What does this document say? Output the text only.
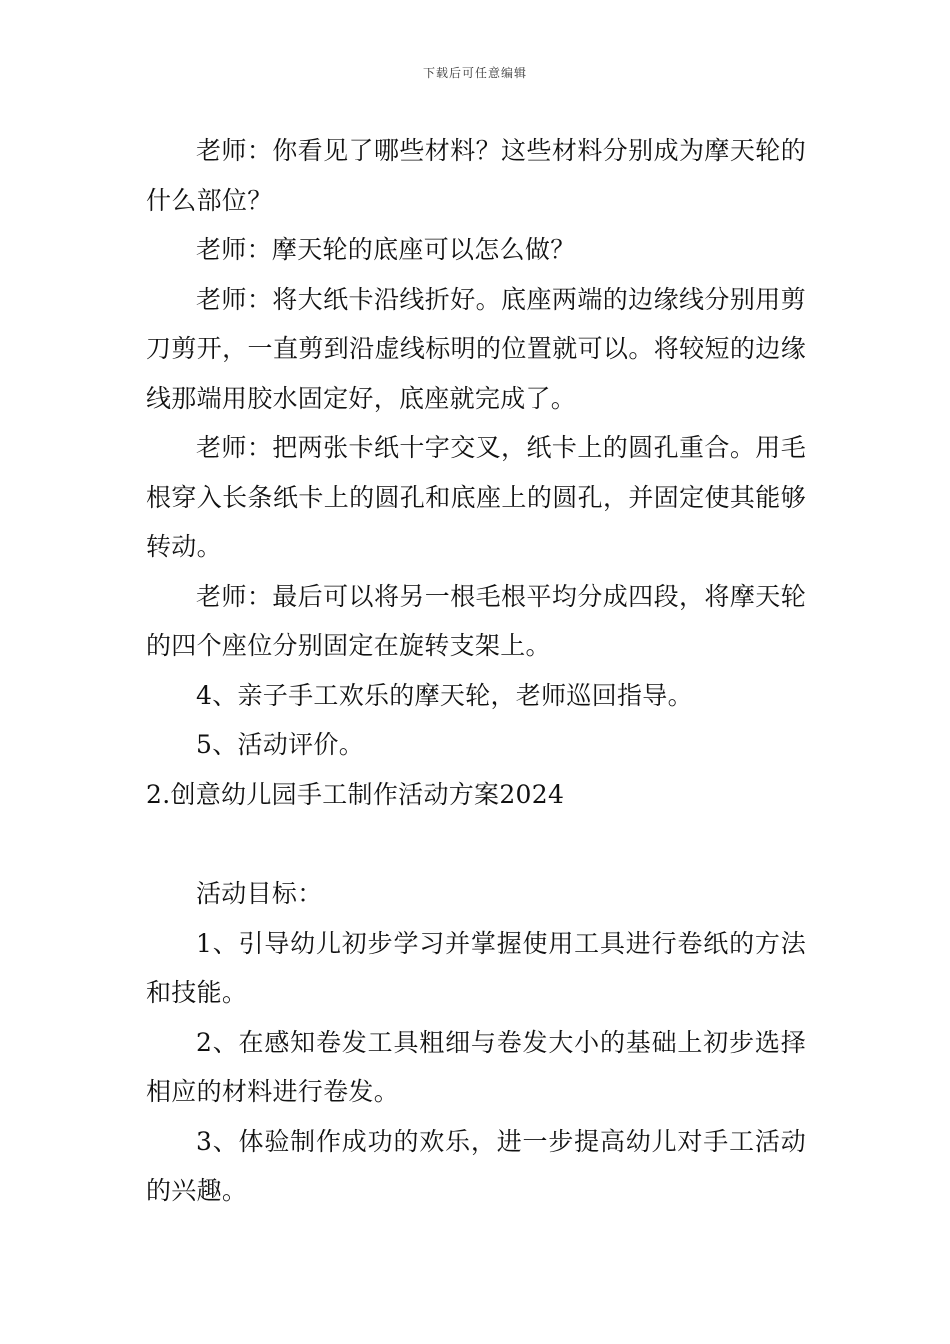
下载后可任意编辑

老师：你看见了哪些材料？这些材料分别成为摩天轮的什么部位？

老师：摩天轮的底座可以怎么做？

老师：将大纸卡沿线折好。底座两端的边缘线分别用剪刀剪开，一直剪到沿虚线标明的位置就可以。将较短的边缘线那端用胶水固定好，底座就完成了。

老师：把两张卡纸十字交叉，纸卡上的圆孔重合。用毛根穿入长条纸卡上的圆孔和底座上的圆孔，并固定使其能够转动。

老师：最后可以将另一根毛根平均分成四段，将摩天轮的四个座位分别固定在旋转支架上。

4、亲子手工欢乐的摩天轮，老师巡回指导。

5、活动评价。

2.创意幼儿园手工制作活动方案2024

活动目标：

1、引导幼儿初步学习并掌握使用工具进行卷纸的方法和技能。

2、在感知卷发工具粗细与卷发大小的基础上初步选择相应的材料进行卷发。

3、体验制作成功的欢乐，进一步提高幼儿对手工活动的兴趣。
